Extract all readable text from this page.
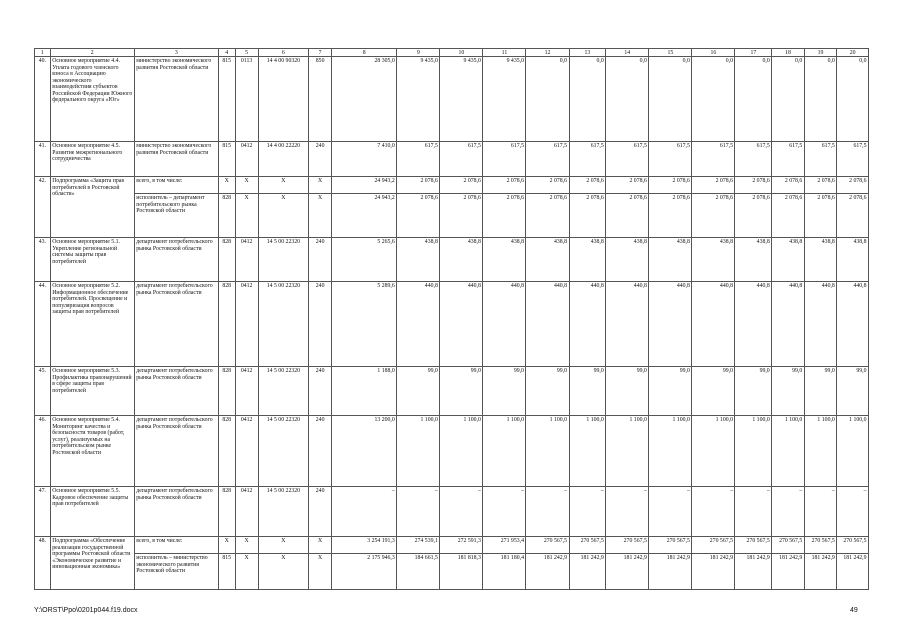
1	2	3	4	5	6	7	8	9	10	11	12	13	14	15	16	17	18	19	20
40.	Основное мероприятие 4.4. Уплата годового членского взноса в Ассоциацию экономического взаимодействия субъектов Российской Федерации Южного федерального округа «Юг»	министерство экономического развития Ростовской области	815	0113	14 4 00 90320	850	28 305,0	9 435,0	9 435,0	9 435,0	0,0	0,0	0,0	0,0	0,0	0,0	0,0	0,0	0,0
41.	Основное мероприятие 4.5. Развитие межрегионального сотрудничества	министерство экономического развития Ростовской области	815	0412	14 4 00 22220	240	7 410,0	617,5	617,5	617,5	617,5	617,5	617,5	617,5	617,5	617,5	617,5	617,5	617,5
42.	Подпрограмма «Защита прав потребителей в Ростовской области»	всего, в том числе:	X	X	X	X	24 943,2	2 078,6	2 078,6	2 078,6	2 078,6	2 078,6	2 078,6	2 078,6	2 078,6	2 078,6	2 078,6	2 078,6	2 078,6
		исполнитель – департамент потребительского рынка Ростовской области	828	X	X	X	24 943,2	2 078,6	2 078,6	2 078,6	2 078,6	2 078,6	2 078,6	2 078,6	2 078,6	2 078,6	2 078,6	2 078,6	2 078,6
43.	Основное мероприятие 5.1. Укрепление региональной системы защиты прав потребителей	департамент потребительского рынка Ростовской области	828	0412	14 5 00 22320	240	5 265,6	438,8	438,8	438,8	438,8	438,8	438,8	438,8	438,8	438,8	438,8	438,8	438,8
44.	Основное мероприятие 5.2. Информационное обеспечение потребителей. Просвещение и популяризация вопросов защиты прав потребителей	департамент потребительского рынка Ростовской области	828	0412	14 5 00 22320	240	5 289,6	440,8	440,8	440,8	440,8	440,8	440,8	440,8	440,8	440,8	440,8	440,8	440,8
45.	Основное мероприятие 5.3. Профилактика правонарушений в сфере защиты прав потребителей	департамент потребительского рынка Ростовской области	828	0412	14 5 00 22320	240	1 188,0	99,0	99,0	99,0	99,0	99,0	99,0	99,0	99,0	99,0	99,0	99,0	99,0
46.	Основное мероприятие 5.4. Мониторинг качества и безопасности товаров (работ, услуг), реализуемых на потребительском рынке Ростовской области	департамент потребительского рынка Ростовской области	828	0412	14 5 00 22320	240	13 200,0	1 100,0	1 100,0	1 100,0	1 100,0	1 100,0	1 100,0	1 100,0	1 100,0	1 100,0	1 100,0	1 100,0	1 100,0
47.	Основное мероприятие 5.5. Кадровое обеспечение защиты прав потребителей	департамент потребительского рынка Ростовской области	828	0412	14 5 00 22320	240	–	–	–	–	–	–	–	–	–	–	–	–	–
48.	Подпрограмма «Обеспечение реализации государственной программы Ростовской области «Экономическое развитие и инновационная экономика»	всего, в том числе:	X	X	X	X	3 254 191,3	274 539,1	272 591,3	271 953,4	270 567,5	270 567,5	270 567,5	270 567,5	270 567,5	270 567,5	270 567,5	270 567,5	270 567,5
		исполнитель – министерство экономического развития Ростовской области	815	X	X	X	2 175 946,3	184 661,5	181 818,3	181 180,4	181 242,9	181 242,9	181 242,9	181 242,9	181 242,9	181 242,9	181 242,9	181 242,9	181 242,9
Y:\ORST\Ppo\0201p044.f19.docx	49
